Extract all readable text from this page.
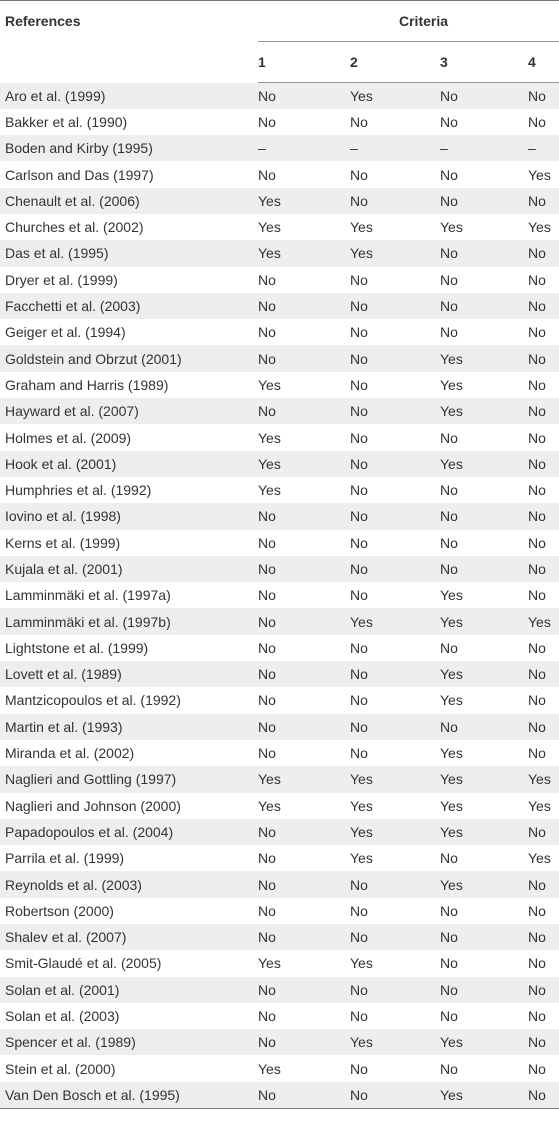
References	Criteria			
	1	2	3	4
Aro et al. (1999)	No	Yes	No	No
Bakker et al. (1990)	No	No	No	No
Boden and Kirby (1995)	–	–	–	–
Carlson and Das (1997)	No	No	No	Yes
Chenault et al. (2006)	Yes	No	No	No
Churches et al. (2002)	Yes	Yes	Yes	Yes
Das et al. (1995)	Yes	Yes	No	No
Dryer et al. (1999)	No	No	No	No
Facchetti et al. (2003)	No	No	No	No
Geiger et al. (1994)	No	No	No	No
Goldstein and Obrzut (2001)	No	No	Yes	No
Graham and Harris (1989)	Yes	No	Yes	No
Hayward et al. (2007)	No	No	Yes	No
Holmes et al. (2009)	Yes	No	No	No
Hook et al. (2001)	Yes	No	Yes	No
Humphries et al. (1992)	Yes	No	No	No
Iovino et al. (1998)	No	No	No	No
Kerns et al. (1999)	No	No	No	No
Kujala et al. (2001)	No	No	No	No
Lamminmäki et al. (1997a)	No	No	Yes	No
Lamminmäki et al. (1997b)	No	Yes	Yes	Yes
Lightstone et al. (1999)	No	No	No	No
Lovett et al. (1989)	No	No	Yes	No
Mantzicopoulos et al. (1992)	No	No	Yes	No
Martin et al. (1993)	No	No	No	No
Miranda et al. (2002)	No	No	Yes	No
Naglieri and Gottling (1997)	Yes	Yes	Yes	Yes
Naglieri and Johnson (2000)	Yes	Yes	Yes	Yes
Papadopoulos et al. (2004)	No	Yes	Yes	No
Parrila et al. (1999)	No	Yes	No	Yes
Reynolds et al. (2003)	No	No	Yes	No
Robertson (2000)	No	No	No	No
Shalev et al. (2007)	No	No	No	No
Smit-Glaudé et al. (2005)	Yes	Yes	No	No
Solan et al. (2001)	No	No	No	No
Solan et al. (2003)	No	No	No	No
Spencer et al. (1989)	No	Yes	Yes	No
Stein et al. (2000)	Yes	No	No	No
Van Den Bosch et al. (1995)	No	No	Yes	No
